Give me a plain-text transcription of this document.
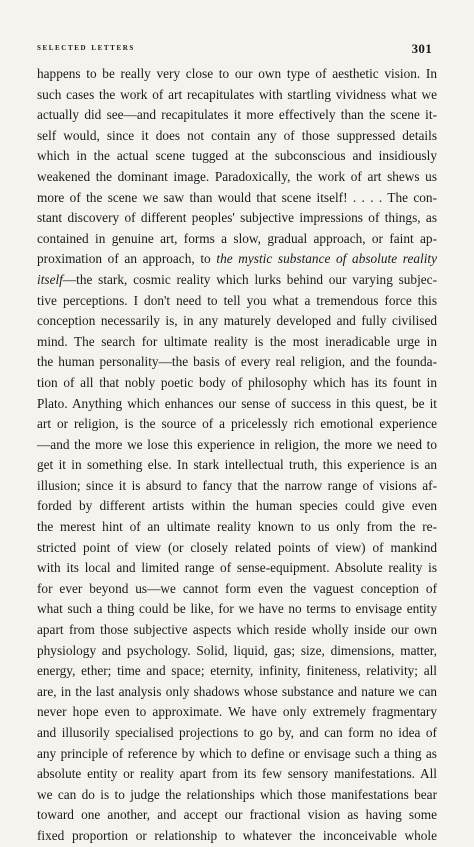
selected letters	301
happens to be really very close to our own type of aesthetic vision. In
such cases the work of art recapitulates with startling vividness what we
actually did see—and recapitulates it more effectively than the scene it-
self would, since it does not contain any of those suppressed details
which in the actual scene tugged at the subconscious and insidiously
weakened the dominant image. Paradoxically, the work of art shews us
more of the scene we saw than would that scene itself! . . . . The con-
stant discovery of different peoples' subjective impressions of things, as
contained in genuine art, forms a slow, gradual approach, or faint ap-
proximation of an approach, to the mystic substance of absolute reality
itself—the stark, cosmic reality which lurks behind our varying subjec-
tive perceptions. I don't need to tell you what a tremendous force this
conception necessarily is, in any maturely developed and fully civilised
mind. The search for ultimate reality is the most ineradicable urge in
the human personality—the basis of every real religion, and the founda-
tion of all that nobly poetic body of philosophy which has its fount in
Plato. Anything which enhances our sense of success in this quest, be it
art or religion, is the source of a pricelessly rich emotional experience
—and the more we lose this experience in religion, the more we need to
get it in something else. In stark intellectual truth, this experience is an
illusion; since it is absurd to fancy that the narrow range of visions af-
forded by different artists within the human species could give even
the merest hint of an ultimate reality known to us only from the re-
stricted point of view (or closely related points of view) of mankind
with its local and limited range of sense-equipment. Absolute reality is
for ever beyond us—we cannot form even the vaguest conception of
what such a thing could be like, for we have no terms to envisage entity
apart from those subjective aspects which reside wholly inside our own
physiology and psychology. Solid, liquid, gas; size, dimensions, matter,
energy, ether; time and space; eternity, infinity, finiteness, relativity; all
are, in the last analysis only shadows whose substance and nature we can
never hope even to approximate. We have only extremely fragmentary
and illusorily specialised projections to go by, and can form no idea of
any principle of reference by which to define or envisage such a thing as
absolute entity or reality apart from its few sensory manifestations. All
we can do is to judge the relationships which those manifestations bear
toward one another, and accept our fractional vision as having some
fixed proportion or relationship to whatever the inconceivable whole
